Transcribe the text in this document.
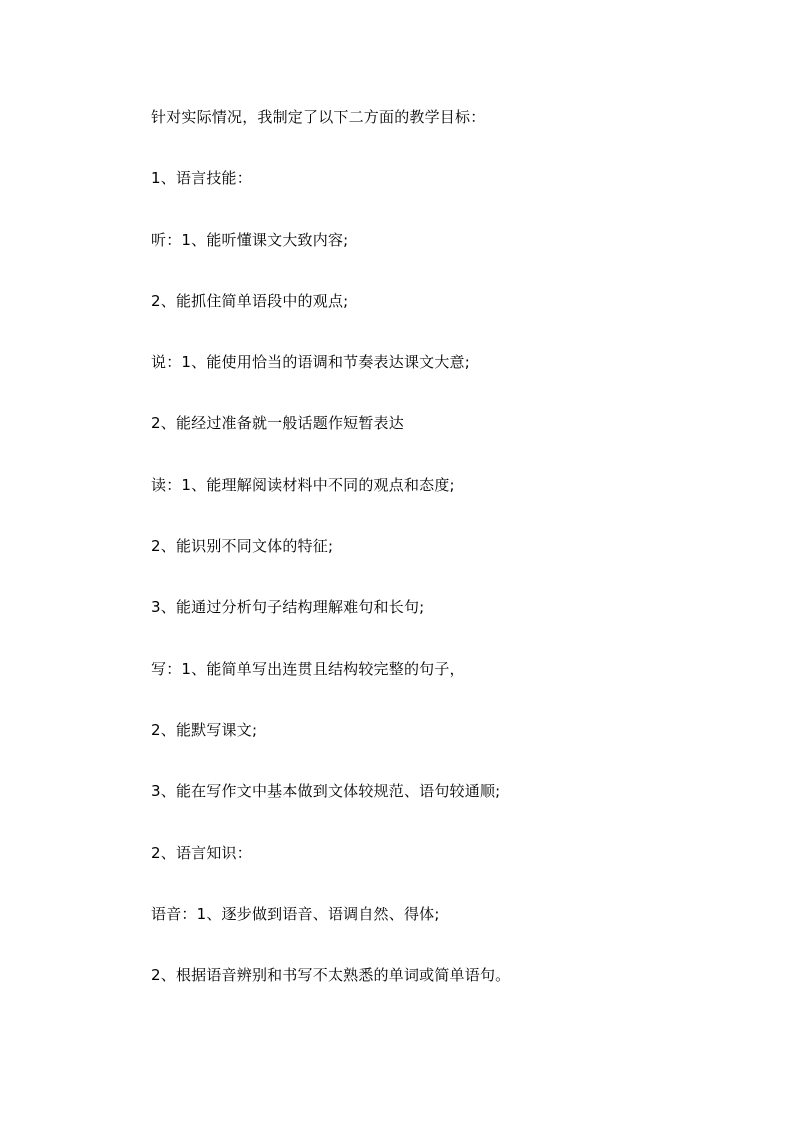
针对实际情况，我制定了以下二方面的教学目标：
1、语言技能：
听：1、能听懂课文大致内容;
2、能抓住简单语段中的观点;
说：1、能使用恰当的语调和节奏表达课文大意;
2、能经过准备就一般话题作短暂表达
读：1、能理解阅读材料中不同的观点和态度;
2、能识别不同文体的特征;
3、能通过分析句子结构理解难句和长句;
写：1、能简单写出连贯且结构较完整的句子，
2、能默写课文;
3、能在写作文中基本做到文体较规范、语句较通顺;
2、语言知识：
语音：1、逐步做到语音、语调自然、得体;
2、根据语音辨别和书写不太熟悉的单词或简单语句。
